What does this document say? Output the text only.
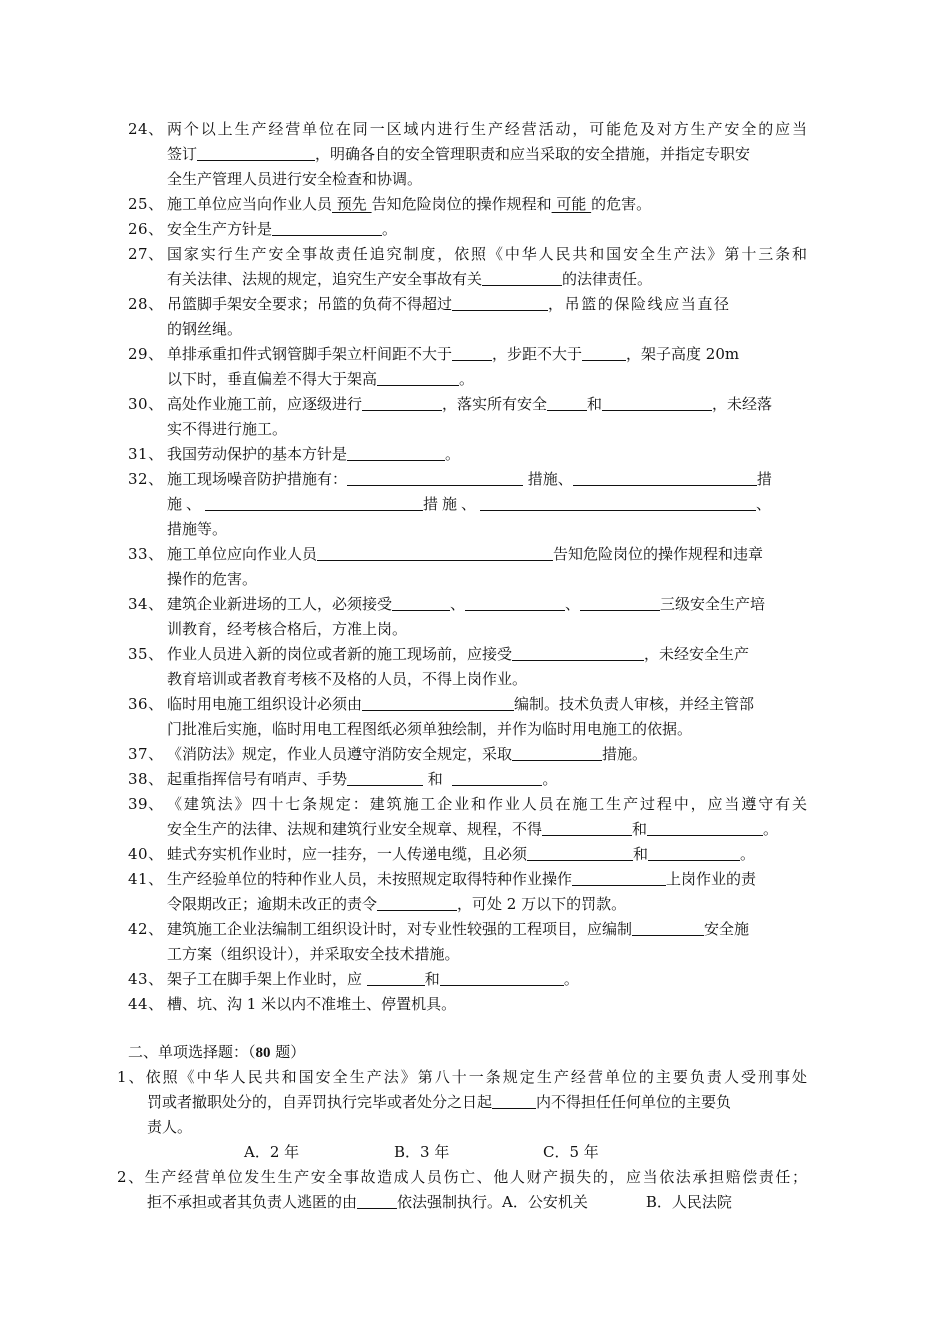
24、 两个以上生产经营单位在同一区域内进行生产经营活动，可能危及对方生产安全的应当
签订	，明确各自的安全管理职责和应当采取的安全措施，并指定专职安
全生产管理人员进行安全检查和协调。
25、 施工单位应当向作业人员 预先 告知危险岗位的操作规程和 可能 的危害。
26、 安全生产方针是	。
27、 国家实行生产安全事故责任追究制度，依照《中华人民共和国安全生产法》第十三条和
有关法律、法规的规定，追究生产安全事故有关	的法律责任。
28、 吊篮脚手架安全要求；吊篮的负荷不得超过	，吊篮的保险线应当直径
的钢丝绳。
29、 单排承重扣件式钢管脚手架立杆间距不大于	，步距不大于	，架子高度 20m
以下时，垂直偏差不得大于架高	。
30、 高处作业施工前，应逐级进行	，落实所有安全	和	，未经落
实不得进行施工。
31、 我国劳动保护的基本方针是	。
32、 施工现场噪音防护措施有：	措施、	措
施、	措施、	、
措施等。
33、 施工单位应向作业人员	告知危险岗位的操作规程和违章
操作的危害。
34、 建筑企业新进场的工人，必须接受	、	、	三级安全生产培
训教育，经考核合格后，方准上岗。
35、 作业人员进入新的岗位或者新的施工现场前，应接受	，未经安全生产
教育培训或者教育考核不及格的人员，不得上岗作业。
36、 临时用电施工组织设计必须由	编制。技术负责人审核，并经主管部
门批准后实施，临时用电工程图纸必须单独绘制，并作为临时用电施工的依据。
37、 《消防法》规定，作业人员遵守消防安全规定，采取	措施。
38、 起重指挥信号有哨声、手势	和	。
39、 《建筑法》四十七条规定：建筑施工企业和作业人员在施工生产过程中，应当遵守有关
安全生产的法律、法规和建筑行业安全规章、规程，不得	和	。
40、 蛙式夯实机作业时，应一挂夯，一人传递电缆，且必须	和	。
41、 生产经验单位的特种作业人员，未按照规定取得特种作业操作	上岗作业的责
令限期改正；逾期未改正的责令	，可处 2 万以下的罚款。
42、 建筑施工企业法编制工组织设计时，对专业性较强的工程项目，应编制	安全施
工方案（组织设计），并采取安全技术措施。
43、 架子工在脚手架上作业时，应	和	。
44、 槽、坑、沟 1 米以内不准堆土、停置机具。
二、单项选择题：（80 题）
1、依照《中华人民共和国安全生产法》第八十一条规定生产经营单位的主要负责人受刑事处
罚或者撤职处分的，自弄罚执行完毕或者处分之日起	内不得担任任何单位的主要负
责人。
A．2 年	B．3 年	C．5 年
2、生产经营单位发生生产安全事故造成人员伤亡、他人财产损失的，应当依法承担赔偿责任；
拒不承担或者其负责人逃匿的由	依法强制执行。A．公安机关	B．人民法院
